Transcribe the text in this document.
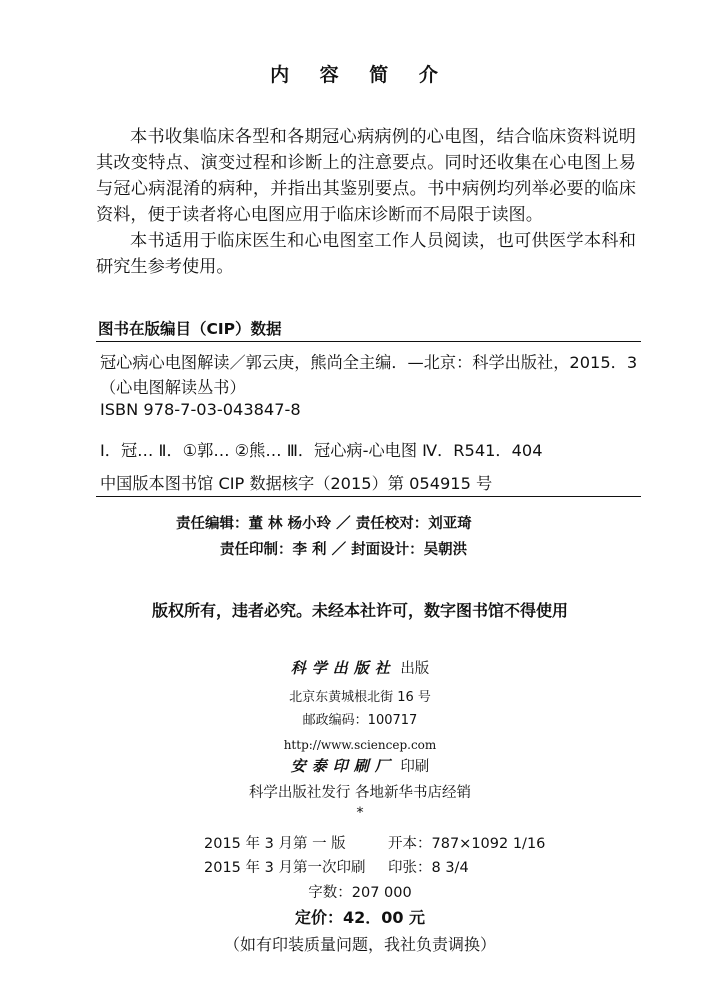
内 容 简 介
本书收集临床各型和各期冠心病病例的心电图，结合临床资料说明其改变特点、演变过程和诊断上的注意要点。同时还收集在心电图上易与冠心病混淆的病种，并指出其鉴别要点。书中病例均列举必要的临床资料，便于读者将心电图应用于临床诊断而不局限于读图。
本书适用于临床医生和心电图室工作人员阅读，也可供医学本科和研究生参考使用。
图书在版编目（CIP）数据
冠心病心电图解读／郭云庚，熊尚全主编．—北京：科学出版社，2015．3
（心电图解读丛书）
ISBN 978-7-03-043847-8
Ⅰ．冠… Ⅱ．①郭… ②熊… Ⅲ．冠心病-心电图 Ⅳ．R541．404
中国版本图书馆 CIP 数据核字（2015）第 054915 号
责任编辑：董 林 杨小玲 ／ 责任校对：刘亚琦
责任印制：李 利 ／ 封面设计：吴朝洪
版权所有，违者必究。未经本社许可，数字图书馆不得使用
科学出版社 出版
北京东黄城根北街 16 号
邮政编码：100717
http://www.sciencep.com
安泰印刷厂 印刷
科学出版社发行 各地新华书店经销
*
2015 年 3 月第 一 版	开本：787×1092 1/16
2015 年 3 月第一次印刷 印张：8 3/4
字数：207 000
定价：42．00 元
（如有印装质量问题，我社负责调换）
